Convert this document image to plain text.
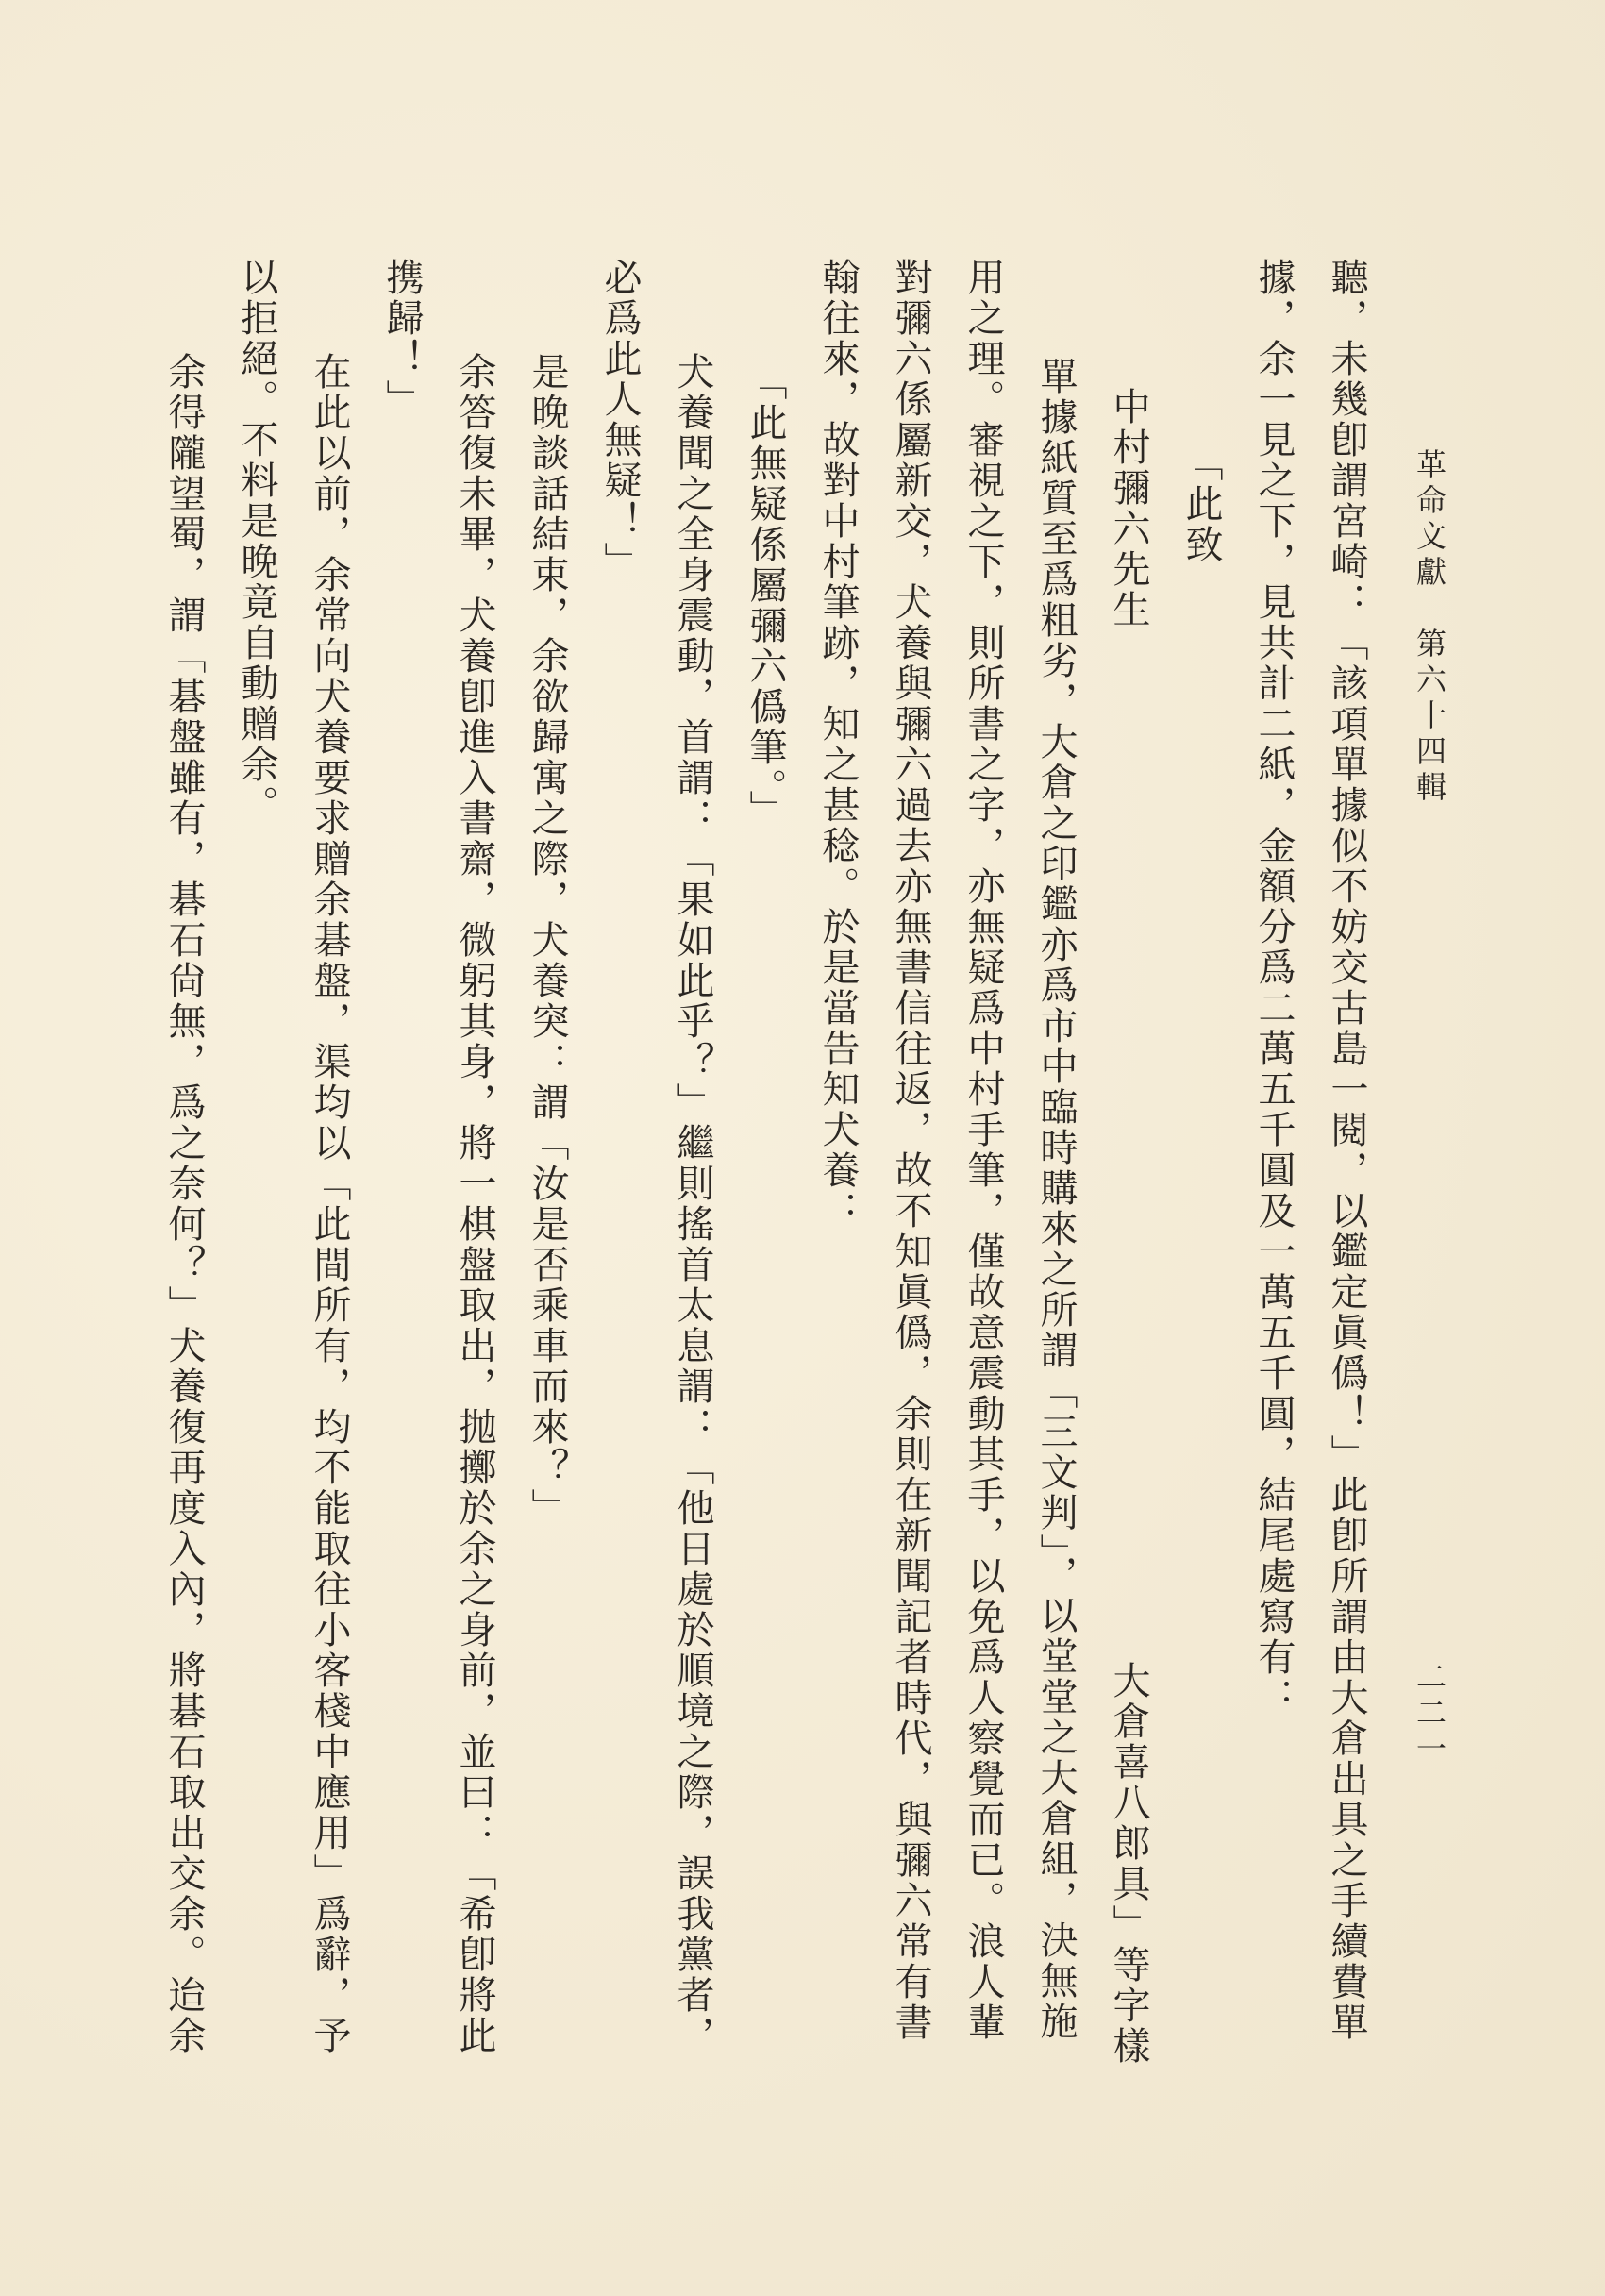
革命文獻　第六十四輯
二二一
聽，未幾卽謂宮崎：「該項單據似不妨交古島一閱，以鑑定眞僞！」此卽所謂由大倉出具之手續費單
據，余一見之下，見共計二紙，金額分爲二萬五千圓及一萬五千圓，結尾處寫有：
「此致
中村彌六先生
大倉喜八郎具」等字樣
單據紙質至爲粗劣，大倉之印鑑亦爲市中臨時購來之所謂「三文判」，以堂堂之大倉組，決無施
用之理。審視之下，則所書之字，亦無疑爲中村手筆，僅故意震動其手，以免爲人察覺而已。浪人輩
對彌六係屬新交，犬養與彌六過去亦無書信往返，故不知眞僞，余則在新聞記者時代，與彌六常有書
翰往來，故對中村筆跡，知之甚稔。於是當告知犬養：
「此無疑係屬彌六僞筆。」
犬養聞之全身震動，首謂：「果如此乎？」繼則搖首太息謂：「他日處於順境之際，誤我黨者，
必爲此人無疑！」
是晚談話結束，余欲歸寓之際，犬養突：謂「汝是否乘車而來？」
余答復未畢，犬養卽進入書齋，微躬其身，將一棋盤取出，抛擲於余之身前，並曰：「希卽將此
携歸！」
在此以前，余常向犬養要求贈余碁盤，渠均以「此間所有，均不能取往小客棧中應用」爲辭，予
以拒絕。不料是晚竟自動贈余。
余得隴望蜀，謂「碁盤雖有，碁石尙無，爲之奈何？」犬養復再度入內，將碁石取出交余。迨余
